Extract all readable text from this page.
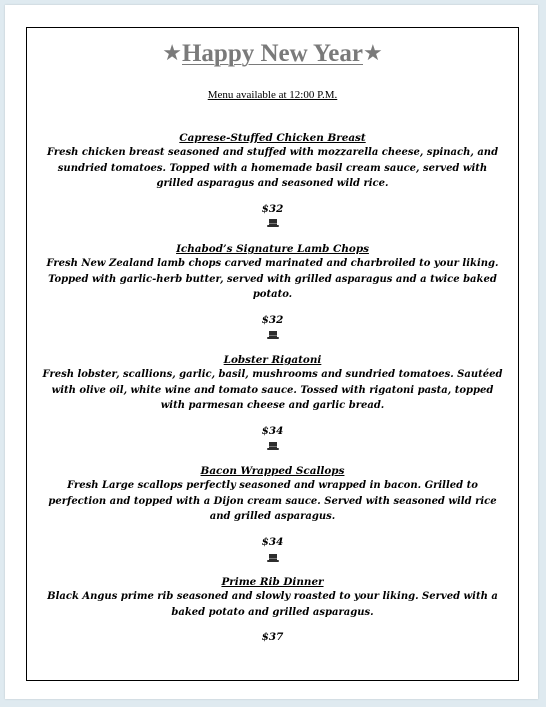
★Happy New Year★
Menu available at 12:00 P.M.
Caprese-Stuffed Chicken Breast
Fresh chicken breast seasoned and stuffed with mozzarella cheese, spinach, and sundried tomatoes. Topped with a homemade basil cream sauce, served with grilled asparagus and seasoned wild rice.
$32
Ichabod’s Signature Lamb Chops
Fresh New Zealand lamb chops carved marinated and charbroiled to your liking. Topped with garlic-herb butter, served with grilled asparagus and a twice baked potato.
$32
Lobster Rigatoni
Fresh lobster, scallions, garlic, basil, mushrooms and sundried tomatoes. Sautéed with olive oil, white wine and tomato sauce. Tossed with rigatoni pasta, topped with parmesan cheese and garlic bread.
$34
Bacon Wrapped Scallops
Fresh Large scallops perfectly seasoned and wrapped in bacon. Grilled to perfection and topped with a Dijon cream sauce. Served with seasoned wild rice and grilled asparagus.
$34
Prime Rib Dinner
Black Angus prime rib seasoned and slowly roasted to your liking. Served with a baked potato and grilled asparagus.
$37
